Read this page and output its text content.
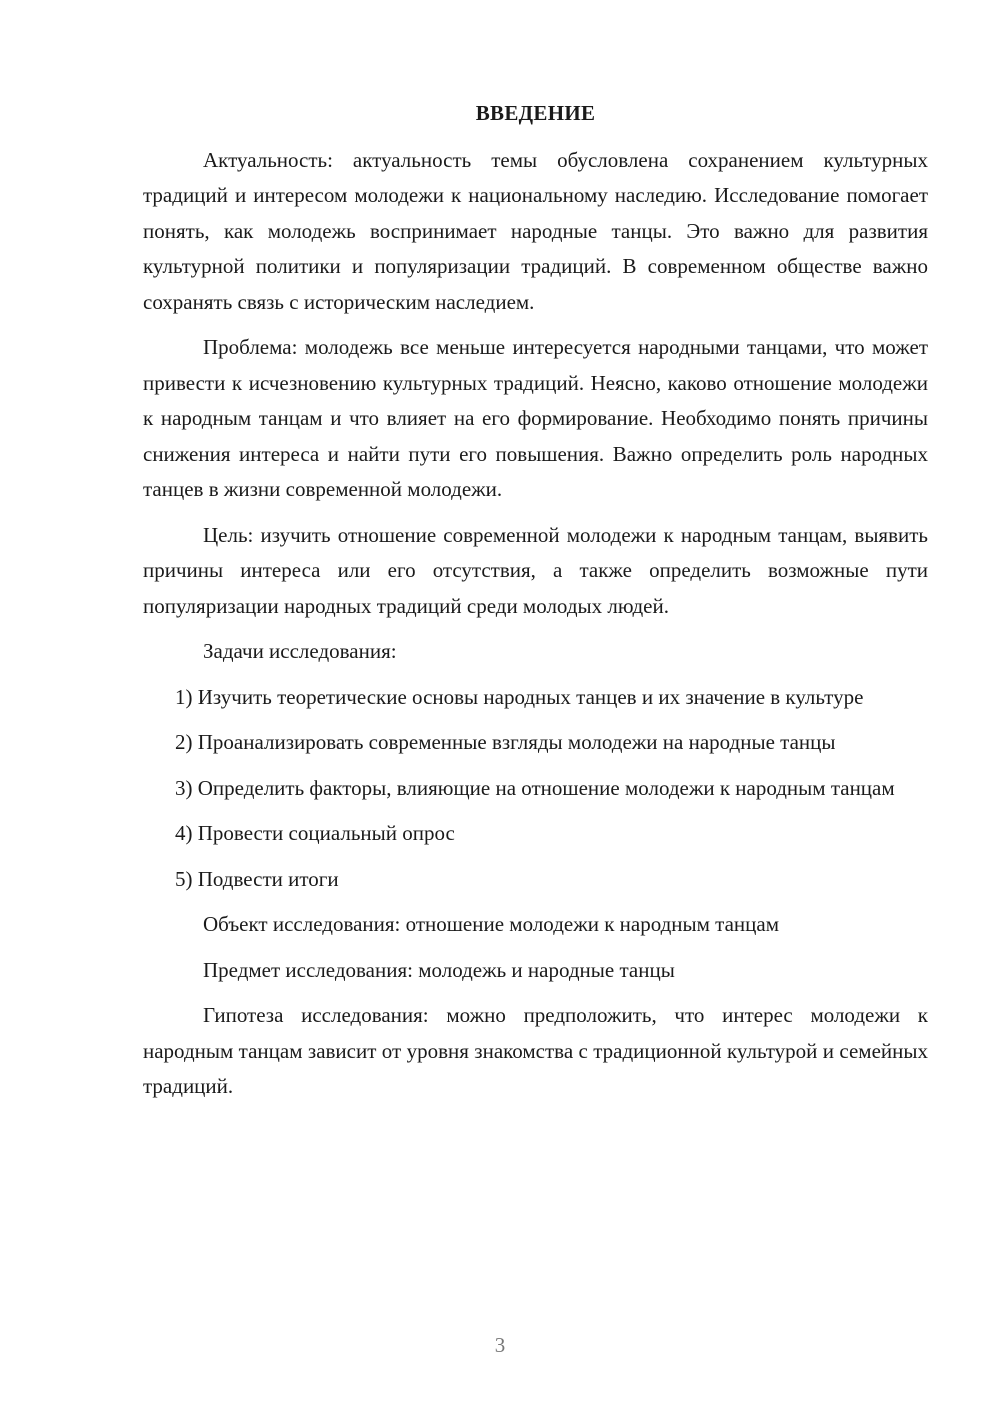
ВВЕДЕНИЕ

Актуальность: актуальность темы обусловлена сохранением культурных традиций и интересом молодежи к национальному наследию. Исследование помогает понять, как молодежь воспринимает народные танцы. Это важно для развития культурной политики и популяризации традиций. В современном обществе важно сохранять связь с историческим наследием.

Проблема: молодежь все меньше интересуется народными танцами, что может привести к исчезновению культурных традиций. Неясно, каково отношение молодежи к народным танцам и что влияет на его формирование. Необходимо понять причины снижения интереса и найти пути его повышения. Важно определить роль народных танцев в жизни современной молодежи.

Цель: изучить отношение современной молодежи к народным танцам, выявить причины интереса или его отсутствия, а также определить возможные пути популяризации народных традиций среди молодых людей.

Задачи исследования:

1) Изучить теоретические основы народных танцев и их значение в культуре

2) Проанализировать современные взгляды молодежи на народные танцы

3) Определить факторы, влияющие на отношение молодежи к народным танцам

4) Провести социальный опрос

5) Подвести итоги

Объект исследования: отношение молодежи к народным танцам

Предмет исследования: молодежь и народные танцы

Гипотеза исследования: можно предположить, что интерес молодежи к народным танцам зависит от уровня знакомства с традиционной культурой и семейных традиций.

3
